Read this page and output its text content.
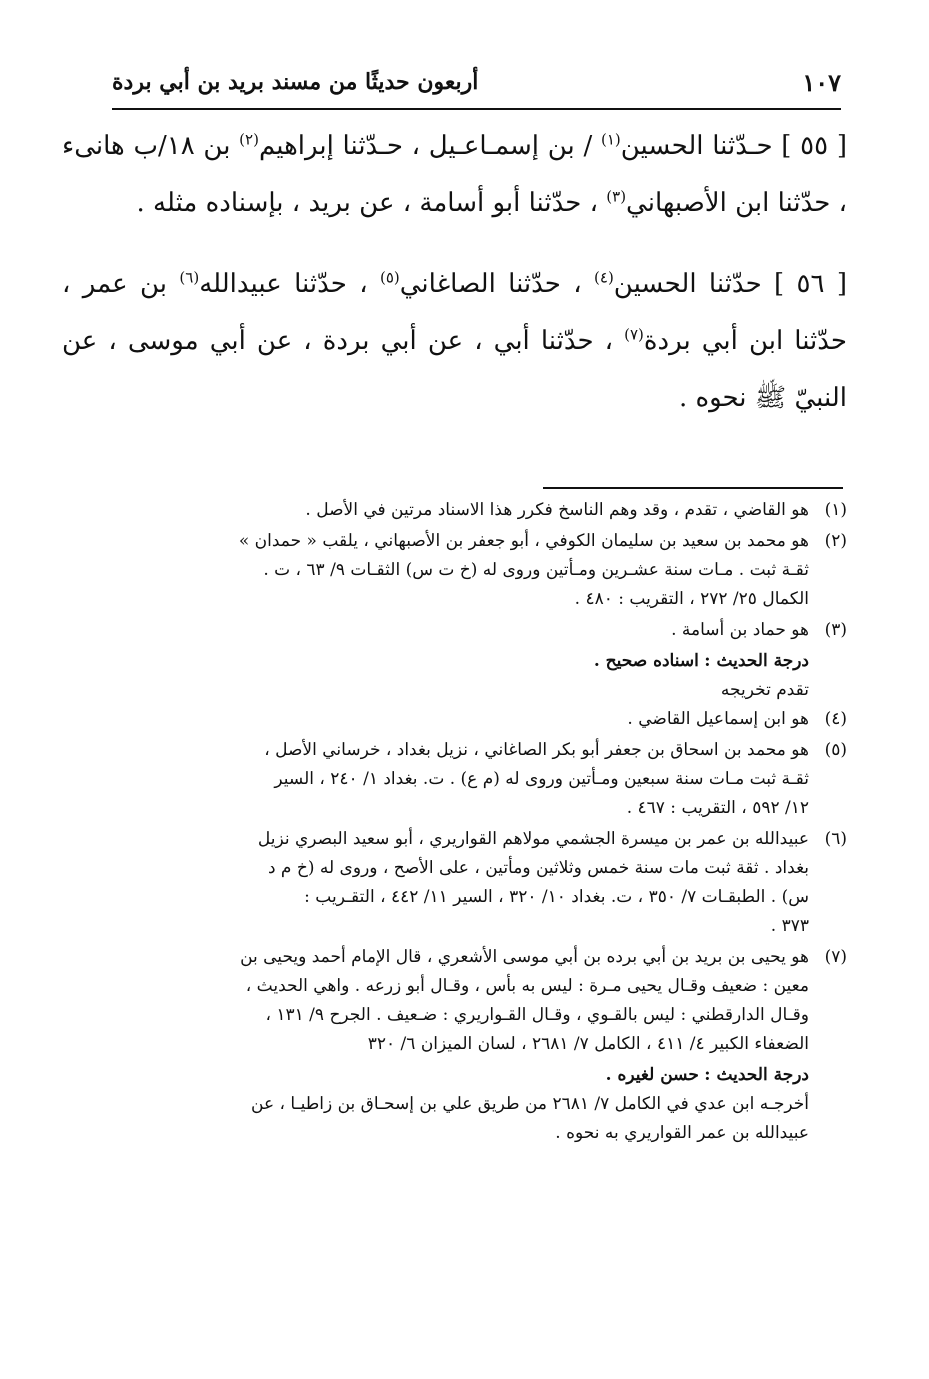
١٠٧
أربعون حديثًا من مسند بريد بن أبي بردة

[ ٥٥ ] حـدّثنا الحسين$^{(١)}$ / بن إسمـاعـيل ، حـدّثنا إبراهيم$^{(٢)}$ بن ١٨/ب هانىء ، حدّثنا ابن الأصبهاني$^{(٣)}$ ، حدّثنا أبو أسامة ، عن بريد ، بإسناده مثله .

[ ٥٦ ] حدّثنا الحسين$^{(٤)}$ ، حدّثنا الصاغاني$^{(٥)}$ ، حدّثنا عبيدالله$^{(٦)}$ بن عمر ، حدّثنا ابن أبي بردة$^{(٧)}$ ، حدّثنا أبي ، عن أبي بردة ، عن أبي موسى ، عن النبيّ ﷺ نحوه .

(١)
هو القاضي ، تقدم ، وقد وهم الناسخ فكرر هذا الاسناد مرتين في الأصل .
(٢)
هو محمد بن سعيد بن سليمان الكوفي ، أبو جعفر بن الأصبهاني ، يلقب « حمدان »
ثقـة ثبت . مـات سنة عشـرين ومـأتين وروى له (خ ت س) الثقـات ٩/ ٦٣ ، ت .
الكمال ٢٥/ ٢٧٢ ، التقريب : ٤٨٠ .
(٣)
هو حماد بن أسامة .
درجة الحديث : اسناده صحيح .
تقدم تخريجه
(٤)
هو ابن إسماعيل القاضي .
(٥)
هو محمد بن اسحاق بن جعفر أبو بكر الصاغاني ، نزيل بغداد ، خرساني الأصل ،
ثقـة ثبت مـات سنة سبعين ومـأتين وروى له (م ع) . ت. بغداد ١/ ٢٤٠ ، السير
١٢/ ٥٩٢ ، التقريب : ٤٦٧ .
(٦)
عبيدالله بن عمر بن ميسرة الجشمي مولاهم القواريري ، أبو سعيد البصري نزيل
بغداد . ثقة ثبت مات سنة خمس وثلاثين ومأتين ، على الأصح ، وروى له (خ م د
س) . الطبقـات ٧/ ٣٥٠ ، ت. بغداد ١٠/ ٣٢٠ ، السير ١١/ ٤٤٢ ، التقـريب :
٣٧٣ .
(٧)
هو يحيى بن بريد بن أبي برده بن أبي موسى الأشعري ، قال الإمام أحمد ويحيى بن
معين : ضعيف وقـال يحيى مـرة : ليس به بأس ، وقـال أبو زرعه . واهي الحديث ،
وقـال الدارقطني : ليس بالقـوي ، وقـال القـواريري : ضـعيف . الجرح ٩/ ١٣١ ،
الضعفاء الكبير ٤/ ٤١١ ، الكامل ٧/ ٢٦٨١ ، لسان الميزان ٦/ ٣٢٠
درجة الحديث : حسن لغيره .
أخرجـه ابن عدي في الكامل ٧/ ٢٦٨١ من طريق علي بن إسحـاق بن زاطيـا ، عن
عبيدالله بن عمر القواريري به نحوه .
